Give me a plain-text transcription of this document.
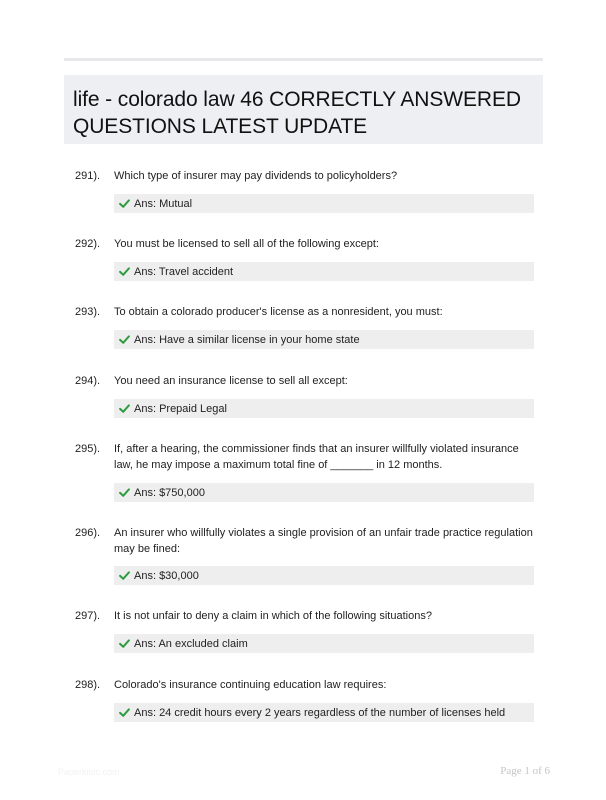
life - colorado law 46 CORRECTLY ANSWERED QUESTIONS LATEST UPDATE
291). Which type of insurer may pay dividends to policyholders?
Ans: Mutual
292). You must be licensed to sell all of the following except:
Ans: Travel accident
293). To obtain a colorado producer's license as a nonresident, you must:
Ans: Have a similar license in your home state
294). You need an insurance license to sell all except:
Ans: Prepaid Legal
295). If, after a hearing, the commissioner finds that an insurer willfully violated insurance law, he may impose a maximum total fine of _______ in 12 months.
Ans: $750,000
296). An insurer who willfully violates a single provision of an unfair trade practice regulation may be fined:
Ans: $30,000
297). It is not unfair to deny a claim in which of the following situations?
Ans: An excluded claim
298). Colorado's insurance continuing education law requires:
Ans: 24 credit hours every 2 years regardless of the number of licenses held
Paperkibic.com	Page 1 of 6
